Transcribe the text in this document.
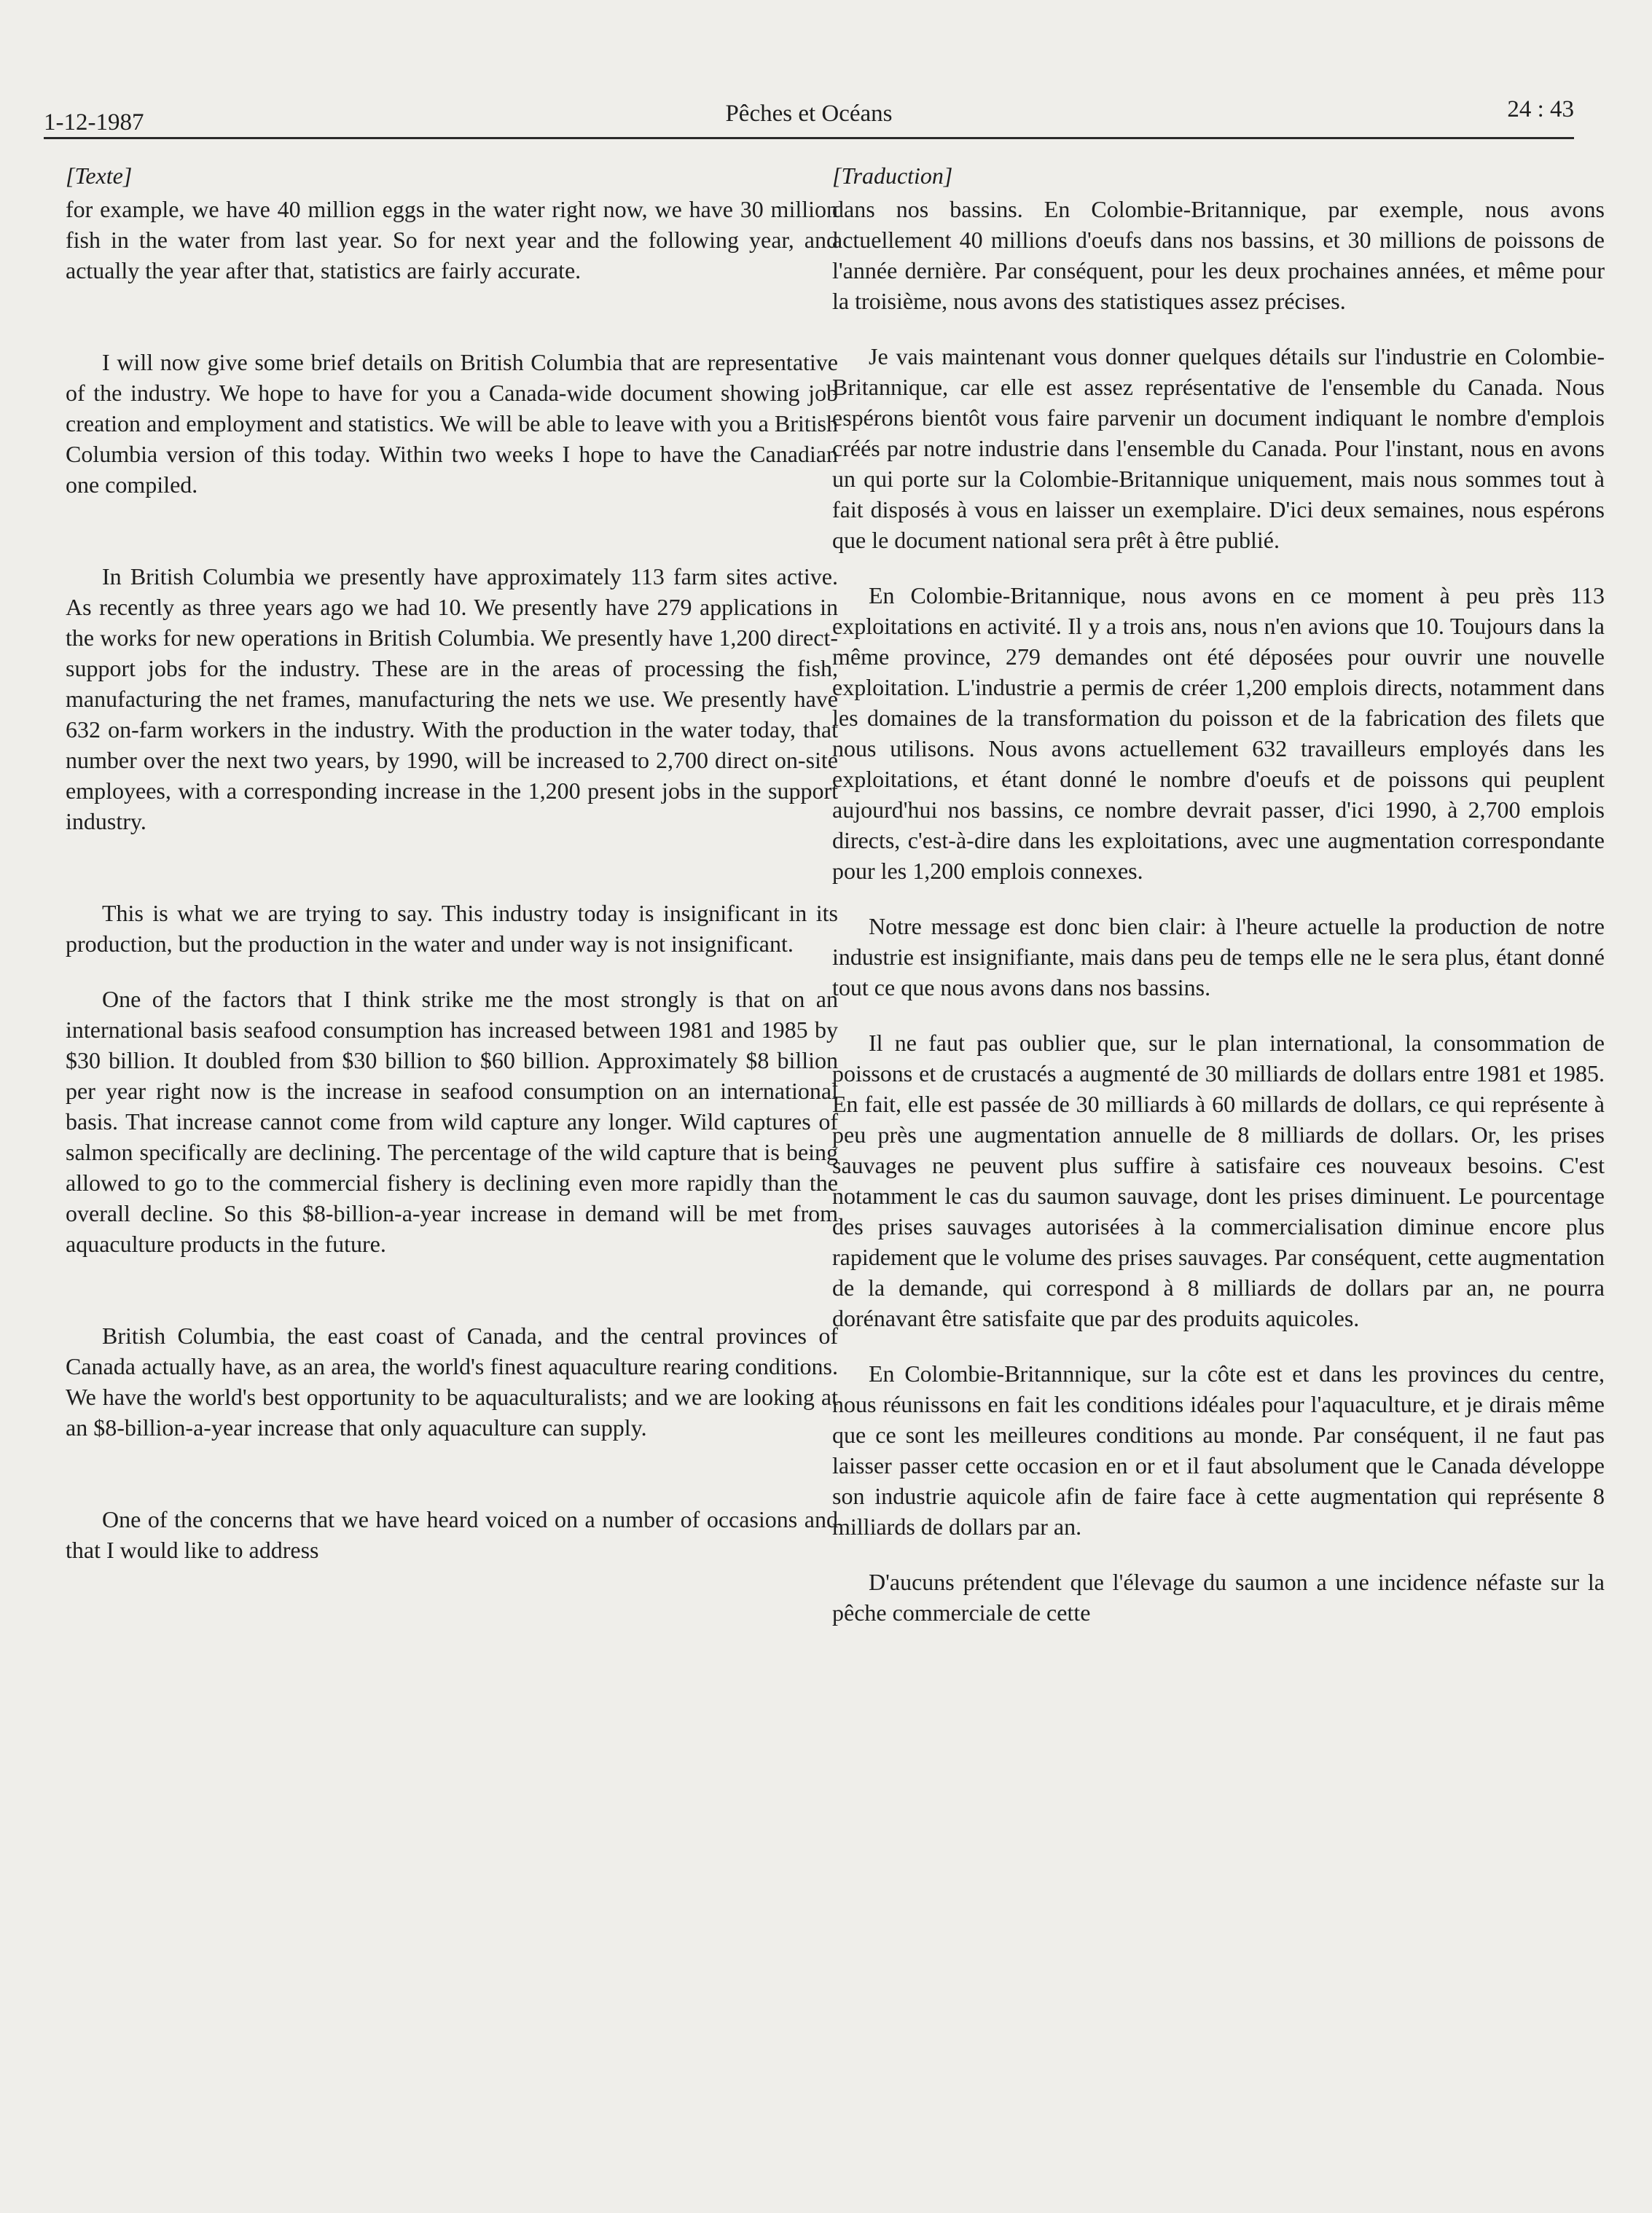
1-12-1987	Pêches et Océans	24 : 43

[Texte]

for example, we have 40 million eggs in the water right now, we have 30 million fish in the water from last year. So for next year and the following year, and actually the year after that, statistics are fairly accurate.

I will now give some brief details on British Columbia that are representative of the industry. We hope to have for you a Canada-wide document showing job creation and employment and statistics. We will be able to leave with you a British Columbia version of this today. Within two weeks I hope to have the Canadian one compiled.

In British Columbia we presently have approximately 113 farm sites active. As recently as three years ago we had 10. We presently have 279 applications in the works for new operations in British Columbia. We presently have 1,200 direct-support jobs for the industry. These are in the areas of processing the fish, manufacturing the net frames, manufacturing the nets we use. We presently have 632 on-farm workers in the industry. With the production in the water today, that number over the next two years, by 1990, will be increased to 2,700 direct on-site employees, with a corresponding increase in the 1,200 present jobs in the support industry.

This is what we are trying to say. This industry today is insignificant in its production, but the production in the water and under way is not insignificant.

One of the factors that I think strike me the most strongly is that on an international basis seafood consumption has increased between 1981 and 1985 by $30 billion. It doubled from $30 billion to $60 billion. Approximately $8 billion per year right now is the increase in seafood consumption on an international basis. That increase cannot come from wild capture any longer. Wild captures of salmon specifically are declining. The percentage of the wild capture that is being allowed to go to the commercial fishery is declining even more rapidly than the overall decline. So this $8-billion-a-year increase in demand will be met from aquaculture products in the future.

British Columbia, the east coast of Canada, and the central provinces of Canada actually have, as an area, the world's finest aquaculture rearing conditions. We have the world's best opportunity to be aquaculturalists; and we are looking at an $8-billion-a-year increase that only aquaculture can supply.

One of the concerns that we have heard voiced on a number of occasions and that I would like to address

[Traduction]

dans nos bassins. En Colombie-Britannique, par exemple, nous avons actuellement 40 millions d'oeufs dans nos bassins, et 30 millions de poissons de l'année dernière. Par conséquent, pour les deux prochaines années, et même pour la troisième, nous avons des statistiques assez précises.

Je vais maintenant vous donner quelques détails sur l'industrie en Colombie-Britannique, car elle est assez représentative de l'ensemble du Canada. Nous espérons bientôt vous faire parvenir un document indiquant le nombre d'emplois créés par notre industrie dans l'ensemble du Canada. Pour l'instant, nous en avons un qui porte sur la Colombie-Britannique uniquement, mais nous sommes tout à fait disposés à vous en laisser un exemplaire. D'ici deux semaines, nous espérons que le document national sera prêt à être publié.

En Colombie-Britannique, nous avons en ce moment à peu près 113 exploitations en activité. Il y a trois ans, nous n'en avions que 10. Toujours dans la même province, 279 demandes ont été déposées pour ouvrir une nouvelle exploitation. L'industrie a permis de créer 1,200 emplois directs, notamment dans les domaines de la transformation du poisson et de la fabrication des filets que nous utilisons. Nous avons actuellement 632 travailleurs employés dans les exploitations, et étant donné le nombre d'oeufs et de poissons qui peuplent aujourd'hui nos bassins, ce nombre devrait passer, d'ici 1990, à 2,700 emplois directs, c'est-à-dire dans les exploitations, avec une augmentation correspondante pour les 1,200 emplois connexes.

Notre message est donc bien clair: à l'heure actuelle la production de notre industrie est insignifiante, mais dans peu de temps elle ne le sera plus, étant donné tout ce que nous avons dans nos bassins.

Il ne faut pas oublier que, sur le plan international, la consommation de poissons et de crustacés a augmenté de 30 milliards de dollars entre 1981 et 1985. En fait, elle est passée de 30 milliards à 60 millards de dollars, ce qui représente à peu près une augmentation annuelle de 8 milliards de dollars. Or, les prises sauvages ne peuvent plus suffire à satisfaire ces nouveaux besoins. C'est notamment le cas du saumon sauvage, dont les prises diminuent. Le pourcentage des prises sauvages autorisées à la commercialisation diminue encore plus rapidement que le volume des prises sauvages. Par conséquent, cette augmentation de la demande, qui correspond à 8 milliards de dollars par an, ne pourra dorénavant être satisfaite que par des produits aquicoles.

En Colombie-Britannnique, sur la côte est et dans les provinces du centre, nous réunissons en fait les conditions idéales pour l'aquaculture, et je dirais même que ce sont les meilleures conditions au monde. Par conséquent, il ne faut pas laisser passer cette occasion en or et il faut absolument que le Canada développe son industrie aquicole afin de faire face à cette augmentation qui représente 8 milliards de dollars par an.

D'aucuns prétendent que l'élevage du saumon a une incidence néfaste sur la pêche commerciale de cette
